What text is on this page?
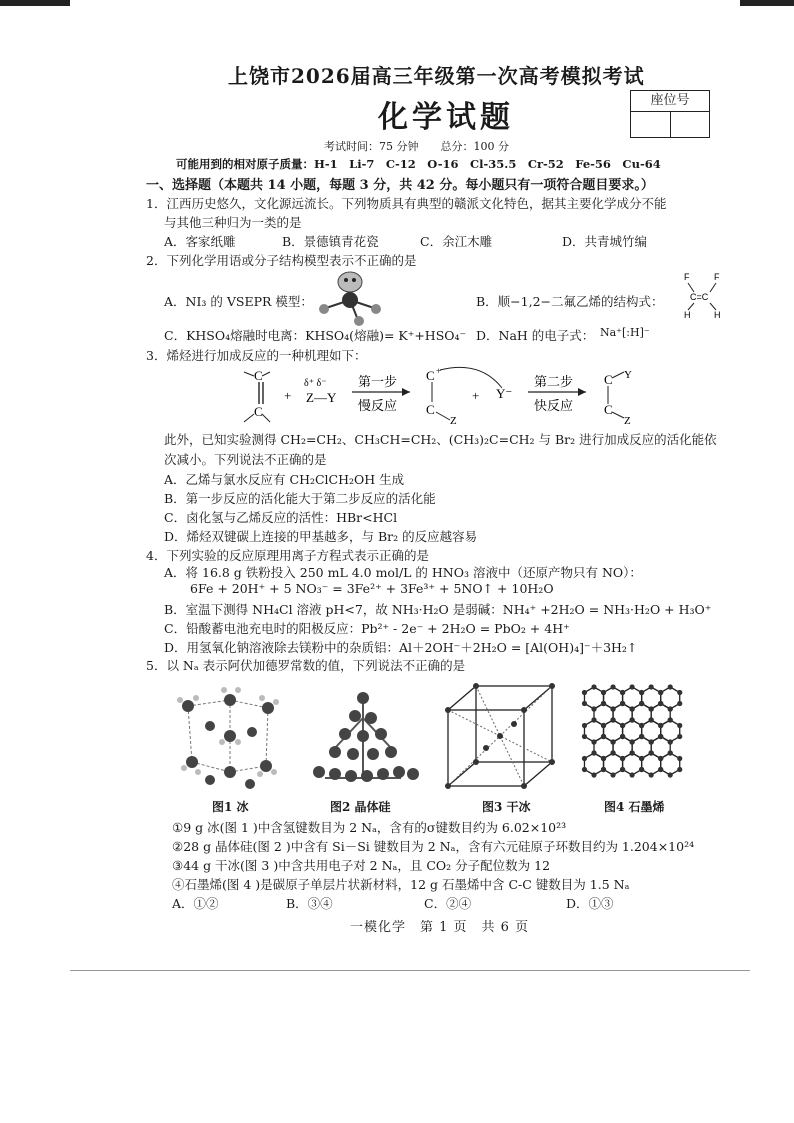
上饶市2026届高三年级第一次高考模拟考试
化学试题	座位号
考试时间：75 分钟　　总分：100 分
可能用到的相对原子质量：H-1　Li-7　C-12　O-16　Cl-35.5　Cr-52　Fe-56　Cu-64
一、选择题（本题共 14 小题，每题 3 分，共 42 分。每小题只有一项符合题目要求。）
1．江西历史悠久，文化源远流长。下列物质具有典型的赣派文化特色，据其主要化学成分不能
与其他三种归为一类的是
A．客家纸雕	B．景德镇青花瓷	C．余江木雕	D．共青城竹编
2．下列化学用语或分子结构模型表示不正确的是
A．NI₃ 的 VSEPR 模型：	B．顺−1,2−二氟乙烯的结构式：
F	F
C=C
H	H
C．KHSO₄熔融时电离：KHSO₄(熔融)= K⁺+HSO₄⁻ D．NaH 的电子式： Na⁺[:H]⁻
3．烯烃进行加成反应的一种机理如下：
C
C
+
δ⁺ δ⁻
Z—Y
第一步
慢反应
C +
C
Z
+ Y⁻
第二步
快反应
C Y
C
Z
此外，已知实验测得 CH₂=CH₂、CH₃CH=CH₂、(CH₃)₂C=CH₂ 与 Br₂ 进行加成反应的活化能依
次减小。下列说法不正确的是
A．乙烯与氯水反应有 CH₂ClCH₂OH 生成
B．第一步反应的活化能大于第二步反应的活化能
C．卤化氢与乙烯反应的活性：HBr<HCl
D．烯烃双键碳上连接的甲基越多，与 Br₂ 的反应越容易
4．下列实验的反应原理用离子方程式表示正确的是
A．将 16.8 g 铁粉投入 250 mL 4.0 mol/L 的 HNO₃ 溶液中（还原产物只有 NO）：
6Fe + 20H⁺ + 5 NO₃⁻ = 3Fe²⁺ + 3Fe³⁺ + 5NO↑ + 10H₂O
B．室温下测得 NH₄Cl 溶液 pH<7，故 NH₃·H₂O 是弱碱：NH₄⁺ +2H₂O = NH₃·H₂O + H₃O⁺
C．铅酸蓄电池充电时的阳极反应：Pb²⁺ - 2e⁻ + 2H₂O = PbO₂ + 4H⁺
D．用氢氧化钠溶液除去镁粉中的杂质铝：Al＋2OH⁻＋2H₂O = [Al(OH)₄]⁻＋3H₂↑
5．以 Nₐ 表示阿伏加德罗常数的值，下列说法不正确的是
图1 冰	图2 晶体硅	图3 干冰	图4 石墨烯
①9 g 冰(图 1 )中含氢键数目为 2 Nₐ，含有的σ键数目约为 6.02×10²³
②28 g 晶体硅(图 2 )中含有 Si－Si 键数目为 2 Nₐ，含有六元硅原子环数目约为 1.204×10²⁴
③44 g 干冰(图 3 )中含共用电子对 2 Nₐ，且 CO₂ 分子配位数为 12
④石墨烯(图 4 )是碳原子单层片状新材料，12 g 石墨烯中含 C-C 键数目为 1.5 Nₐ
A．①②	B．③④	C．②④	D．①③
一模化学　第 1 页　共 6 页
